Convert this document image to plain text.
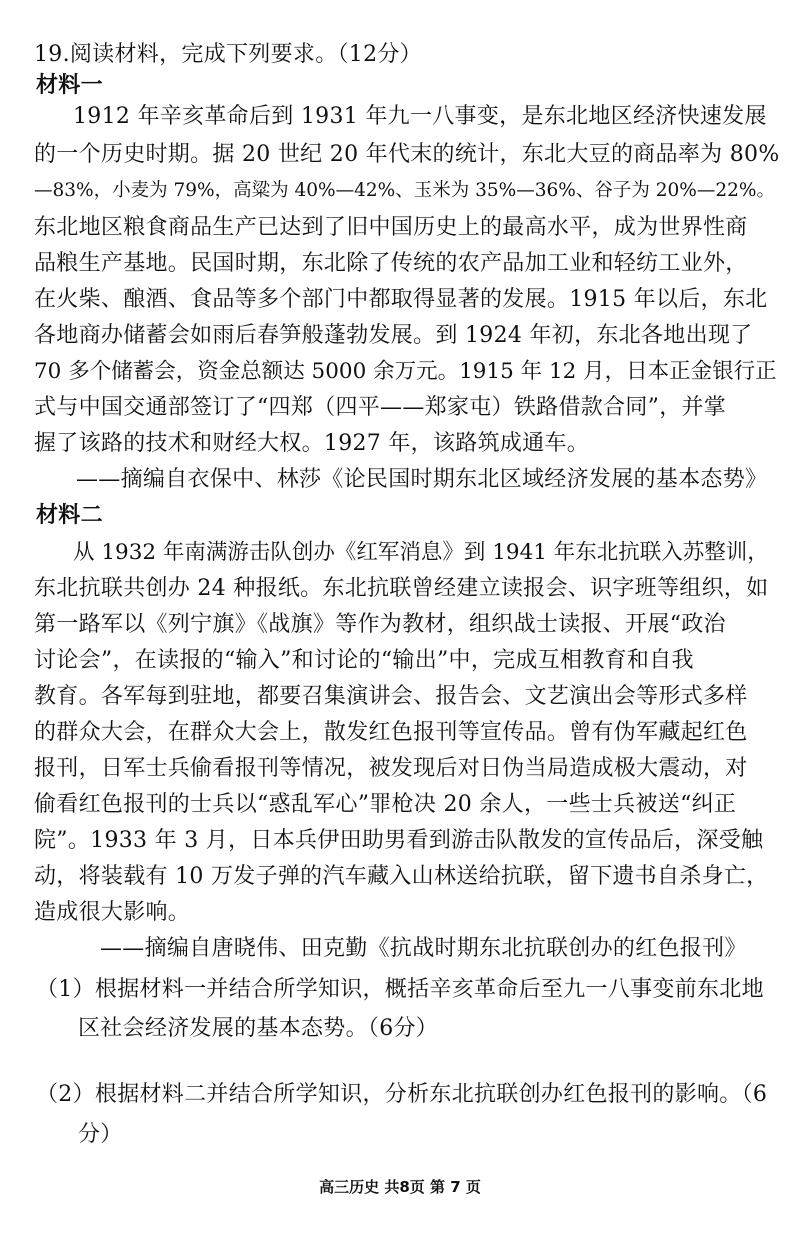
19.阅读材料，完成下列要求。（12分）
材料一
1912 年辛亥革命后到 1931 年九一八事变，是东北地区经济快速发展
的一个历史时期。据 20 世纪 20 年代末的统计，东北大豆的商品率为 80%
—83%，小麦为 79%，高粱为 40%—42%、玉米为 35%—36%、谷子为 20%—22%。
东北地区粮食商品生产已达到了旧中国历史上的最高水平，成为世界性商
品粮生产基地。民国时期，东北除了传统的农产品加工业和轻纺工业外，
在火柴、酿酒、食品等多个部门中都取得显著的发展。1915 年以后，东北
各地商办储蓄会如雨后春笋般蓬勃发展。到 1924 年初，东北各地出现了
70 多个储蓄会，资金总额达 5000 余万元。1915 年 12 月，日本正金银行正
式与中国交通部签订了“四郑（四平——郑家屯）铁路借款合同”，并掌
握了该路的技术和财经大权。1927 年，该路筑成通车。
——摘编自衣保中、林莎《论民国时期东北区域经济发展的基本态势》
材料二
从 1932 年南满游击队创办《红军消息》到 1941 年东北抗联入苏整训，
东北抗联共创办 24 种报纸。东北抗联曾经建立读报会、识字班等组织，如
第一路军以《列宁旗》《战旗》等作为教材，组织战士读报、开展“政治
讨论会”，在读报的“输入”和讨论的“输出”中，完成互相教育和自我
教育。各军每到驻地，都要召集演讲会、报告会、文艺演出会等形式多样
的群众大会，在群众大会上，散发红色报刊等宣传品。曾有伪军藏起红色
报刊，日军士兵偷看报刊等情况，被发现后对日伪当局造成极大震动，对
偷看红色报刊的士兵以“惑乱军心”罪枪决 20 余人，一些士兵被送“纠正
院”。1933 年 3 月，日本兵伊田助男看到游击队散发的宣传品后，深受触
动，将装载有 10 万发子弹的汽车藏入山林送给抗联，留下遗书自杀身亡，
造成很大影响。
——摘编自唐晓伟、田克勤《抗战时期东北抗联创办的红色报刊》
（1）根据材料一并结合所学知识，概括辛亥革命后至九一八事变前东北地
区社会经济发展的基本态势。（6分）
（2）根据材料二并结合所学知识，分析东北抗联创办红色报刊的影响。（6
分）
高三历史 共8页 第 7 页
